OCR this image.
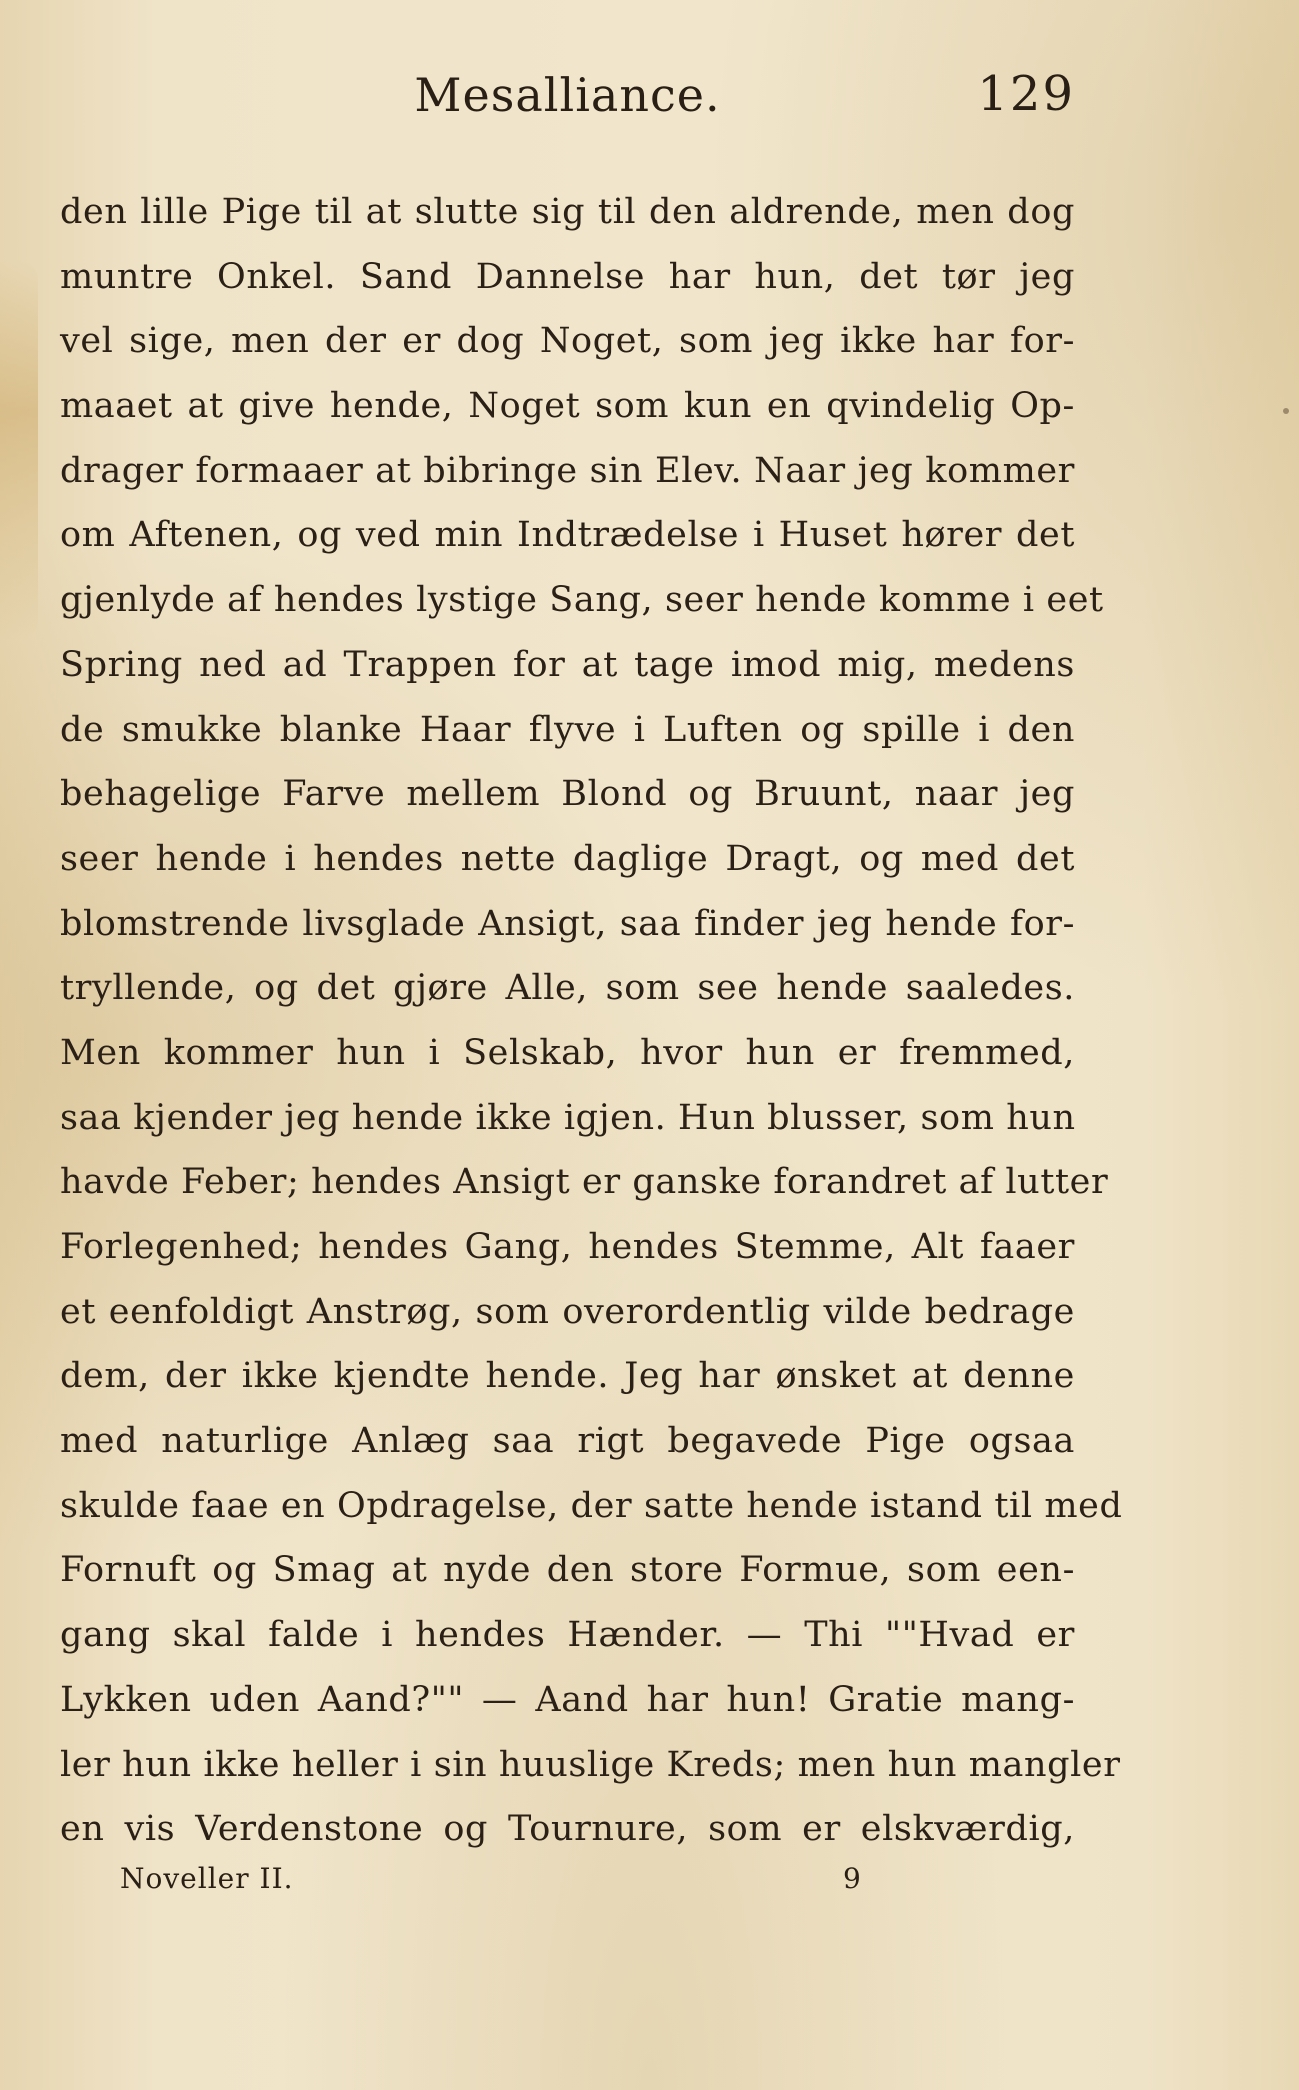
Mesalliance.	129
den lille Pige til at slutte sig til den aldrende, men dog
muntre Onkel. Sand Dannelse har hun, det tør jeg
vel sige, men der er dog Noget, som jeg ikke har for-
maaet at give hende, Noget som kun en qvindelig Op-
drager formaaer at bibringe sin Elev. Naar jeg kommer
om Aftenen, og ved min Indtrædelse i Huset hører det
gjenlyde af hendes lystige Sang, seer hende komme i eet
Spring ned ad Trappen for at tage imod mig, medens
de smukke blanke Haar flyve i Luften og spille i den
behagelige Farve mellem Blond og Bruunt, naar jeg
seer hende i hendes nette daglige Dragt, og med det
blomstrende livsglade Ansigt, saa finder jeg hende for-
tryllende, og det gjøre Alle, som see hende saaledes.
Men kommer hun i Selskab, hvor hun er fremmed,
saa kjender jeg hende ikke igjen. Hun blusser, som hun
havde Feber; hendes Ansigt er ganske forandret af lutter
Forlegenhed; hendes Gang, hendes Stemme, Alt faaer
et eenfoldigt Anstrøg, som overordentlig vilde bedrage
dem, der ikke kjendte hende. Jeg har ønsket at denne
med naturlige Anlæg saa rigt begavede Pige ogsaa
skulde faae en Opdragelse, der satte hende istand til med
Fornuft og Smag at nyde den store Formue, som een-
gang skal falde i hendes Hænder. — Thi ""Hvad er
Lykken uden Aand?"" — Aand har hun! Gratie mang-
ler hun ikke heller i sin huuslige Kreds; men hun mangler
en vis Verdenstone og Tournure, som er elskværdig,
Noveller II.	9
